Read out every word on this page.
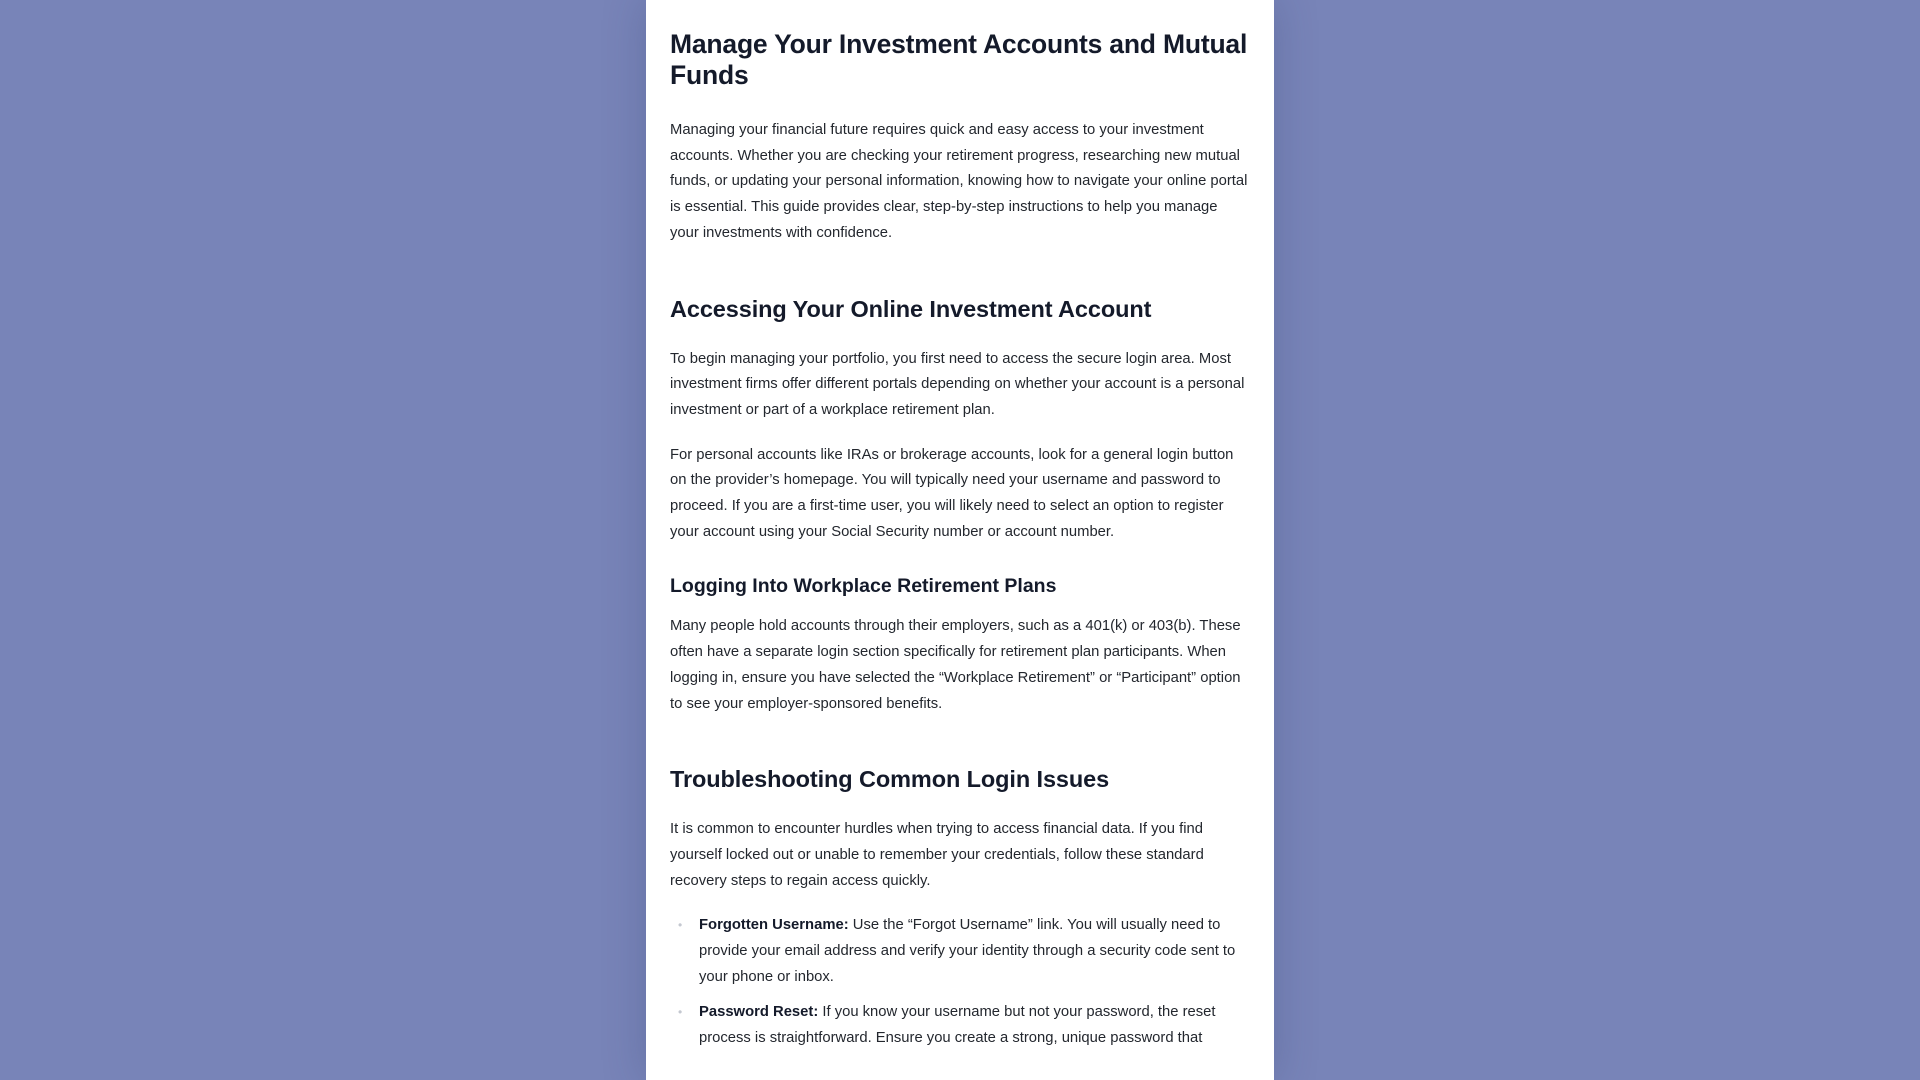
Manage Your Investment Accounts and Mutual Funds

Managing your financial future requires quick and easy access to your investment accounts. Whether you are checking your retirement progress, researching new mutual funds, or updating your personal information, knowing how to navigate your online portal is essential. This guide provides clear, step-by-step instructions to help you manage your investments with confidence.

Accessing Your Online Investment Account

To begin managing your portfolio, you first need to access the secure login area. Most investment firms offer different portals depending on whether your account is a personal investment or part of a workplace retirement plan.

For personal accounts like IRAs or brokerage accounts, look for a general login button on the provider’s homepage. You will typically need your username and password to proceed. If you are a first-time user, you will likely need to select an option to register your account using your Social Security number or account number.

Logging Into Workplace Retirement Plans

Many people hold accounts through their employers, such as a 401(k) or 403(b). These often have a separate login section specifically for retirement plan participants. When logging in, ensure you have selected the “Workplace Retirement” or “Participant” option to see your employer-sponsored benefits.

Troubleshooting Common Login Issues

It is common to encounter hurdles when trying to access financial data. If you find yourself locked out or unable to remember your credentials, follow these standard recovery steps to regain access quickly.

• Forgotten Username: Use the “Forgot Username” link. You will usually need to provide your email address and verify your identity through a security code sent to your phone or inbox.
• Password Reset: If you know your username but not your password, the reset process is straightforward. Ensure you create a strong, unique password that
